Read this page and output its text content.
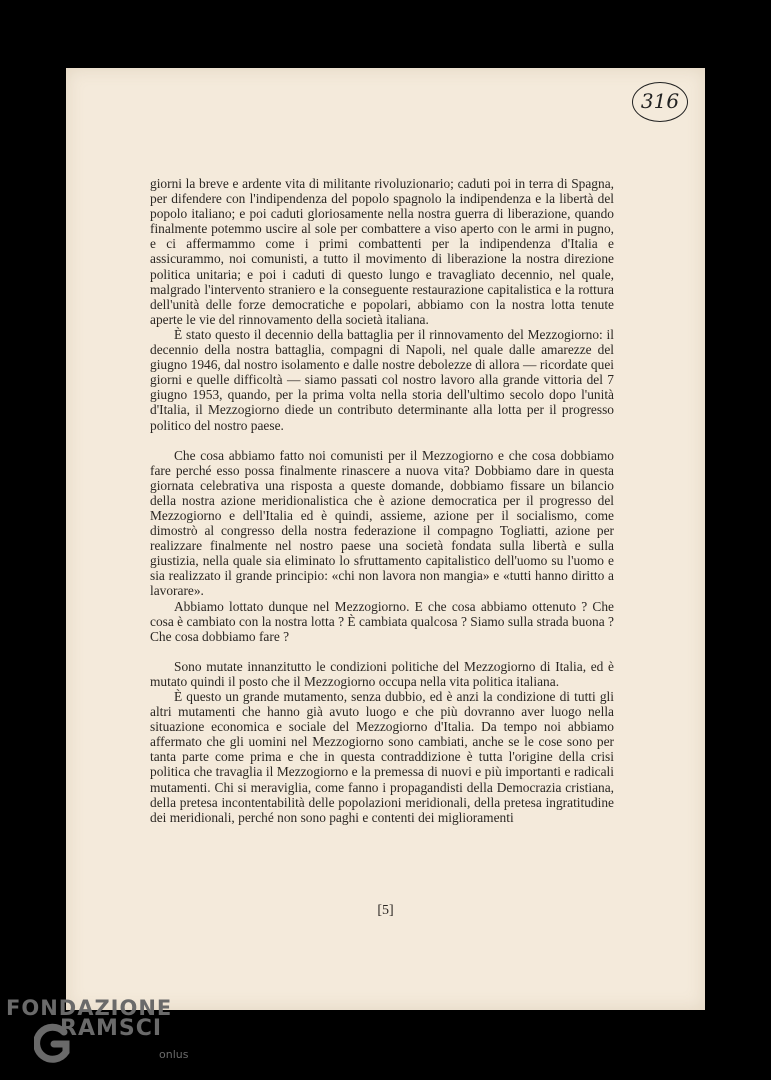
316

giorni la breve e ardente vita di militante rivoluzionario; caduti poi in terra di Spagna, per difendere con l'indipendenza del popolo spagnolo la indipendenza e la libertà del popolo italiano; e poi caduti gloriosamente nella nostra guerra di liberazione, quando finalmente potemmo uscire al sole per combattere a viso aperto con le armi in pugno, e ci affermammo come i primi combattenti per la indipendenza d'Italia e assicurammo, noi comunisti, a tutto il movimento di liberazione la nostra direzione politica unitaria; e poi i caduti di questo lungo e travagliato decennio, nel quale, malgrado l'intervento straniero e la conseguente restaurazione capitalistica e la rottura dell'unità delle forze democratiche e popolari, abbiamo con la nostra lotta tenute aperte le vie del rinnovamento della società italiana.

È stato questo il decennio della battaglia per il rinnovamento del Mezzogiorno: il decennio della nostra battaglia, compagni di Napoli, nel quale dalle amarezze del giugno 1946, dal nostro isolamento e dalle nostre debolezze di allora — ricordate quei giorni e quelle difficoltà — siamo passati col nostro lavoro alla grande vittoria del 7 giugno 1953, quando, per la prima volta nella storia dell'ultimo secolo dopo l'unità d'Italia, il Mezzogiorno diede un contributo determinante alla lotta per il progresso politico del nostro paese.

Che cosa abbiamo fatto noi comunisti per il Mezzogiorno e che cosa dobbiamo fare perché esso possa finalmente rinascere a nuova vita? Dobbiamo dare in questa giornata celebrativa una risposta a queste domande, dobbiamo fissare un bilancio della nostra azione meridionalistica che è azione democratica per il progresso del Mezzogiorno e dell'Italia ed è quindi, assieme, azione per il socialismo, come dimostrò al congresso della nostra federazione il compagno Togliatti, azione per realizzare finalmente nel nostro paese una società fondata sulla libertà e sulla giustizia, nella quale sia eliminato lo sfruttamento capitalistico dell'uomo su l'uomo e sia realizzato il grande principio: «chi non lavora non mangia» e «tutti hanno diritto a lavorare».

Abbiamo lottato dunque nel Mezzogiorno. E che cosa abbiamo ottenuto ? Che cosa è cambiato con la nostra lotta ? È cambiata qualcosa ? Siamo sulla strada buona ? Che cosa dobbiamo fare ?

Sono mutate innanzitutto le condizioni politiche del Mezzogiorno di Italia, ed è mutato quindi il posto che il Mezzogiorno occupa nella vita politica italiana.

È questo un grande mutamento, senza dubbio, ed è anzi la condizione di tutti gli altri mutamenti che hanno già avuto luogo e che più dovranno aver luogo nella situazione economica e sociale del Mezzogiorno d'Italia. Da tempo noi abbiamo affermato che gli uomini nel Mezzogiorno sono cambiati, anche se le cose sono per tanta parte come prima e che in questa contraddizione è tutta l'origine della crisi politica che travaglia il Mezzogiorno e la premessa di nuovi e più importanti e radicali mutamenti. Chi si meraviglia, come fanno i propagandisti della Democrazia cristiana, della pretesa incontentabilità delle popolazioni meridionali, della pretesa ingratitudine dei meridionali, perché non sono paghi e contenti dei miglioramenti

[5]
FONDAZIONE
RAMSCI
onlus
